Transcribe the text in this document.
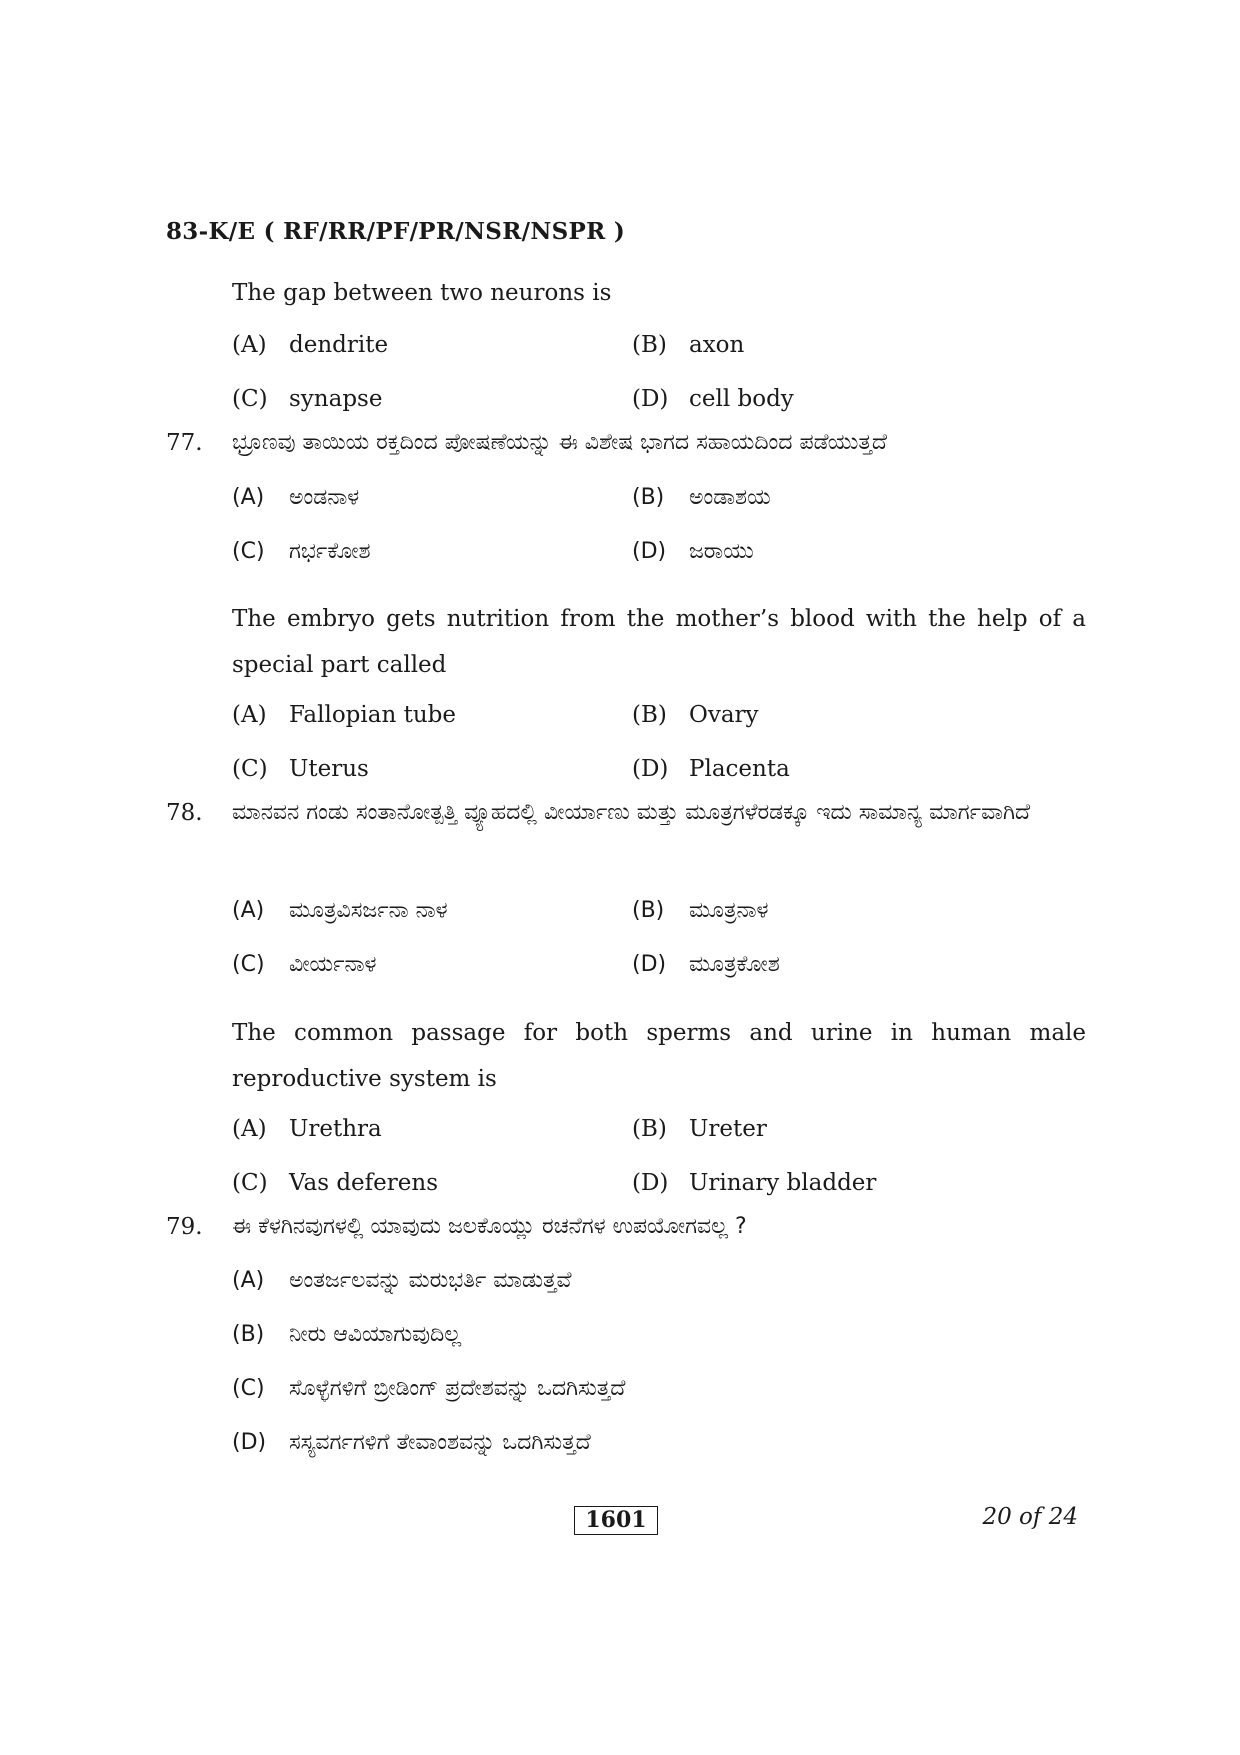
83-K/E ( RF/RR/PF/PR/NSR/NSPR )
The gap between two neurons is
(A) dendrite	(B) axon
(C) synapse	(D) cell body
77.	ಭ್ರೂಣವು ತಾಯಿಯ ರಕ್ತದಿಂದ ಪೋಷಣೆಯನ್ನು ಈ ವಿಶೇಷ ಭಾಗದ ಸಹಾಯದಿಂದ ಪಡೆಯುತ್ತದೆ
(A)	ಅಂಡನಾಳ	(B)	ಅಂಡಾಶಯ
(C)	ಗರ್ಭಕೋಶ	(D)	ಜರಾಯು
The embryo gets nutrition from the mother’s blood with the help of a special part called
(A) Fallopian tube	(B) Ovary
(C) Uterus	(D) Placenta
78.	ಮಾನವನ ಗಂಡು ಸಂತಾನೋತ್ಪತ್ತಿ ವ್ಯೂಹದಲ್ಲಿ ವೀರ್ಯಾಣು ಮತ್ತು ಮೂತ್ರಗಳೆರಡಕ್ಕೂ ಇದು ಸಾಮಾನ್ಯ ಮಾರ್ಗವಾಗಿದೆ
(A)	ಮೂತ್ರವಿಸರ್ಜನಾ ನಾಳ	(B)	ಮೂತ್ರನಾಳ
(C)	ವೀರ್ಯನಾಳ	(D)	ಮೂತ್ರಕೋಶ
The common passage for both sperms and urine in human male reproductive system is
(A) Urethra	(B) Ureter
(C) Vas deferens	(D) Urinary bladder
79.	ಈ ಕೆಳಗಿನವುಗಳಲ್ಲಿ ಯಾವುದು ಜಲಕೊಯ್ಲು ರಚನೆಗಳ ಉಪಯೋಗವಲ್ಲ ?
(A)	ಅಂತರ್ಜಲವನ್ನು ಮರುಭರ್ತಿ ಮಾಡುತ್ತವೆ
(B)	ನೀರು ಆವಿಯಾಗುವುದಿಲ್ಲ
(C)	ಸೊಳ್ಳೆಗಳಿಗೆ ಬ್ರೀಡಿಂಗ್ ಪ್ರದೇಶವನ್ನು ಒದಗಿಸುತ್ತದೆ
(D)	ಸಸ್ಯವರ್ಗಗಳಿಗೆ ತೇವಾಂಶವನ್ನು ಒದಗಿಸುತ್ತದೆ
1601	20 of 24
